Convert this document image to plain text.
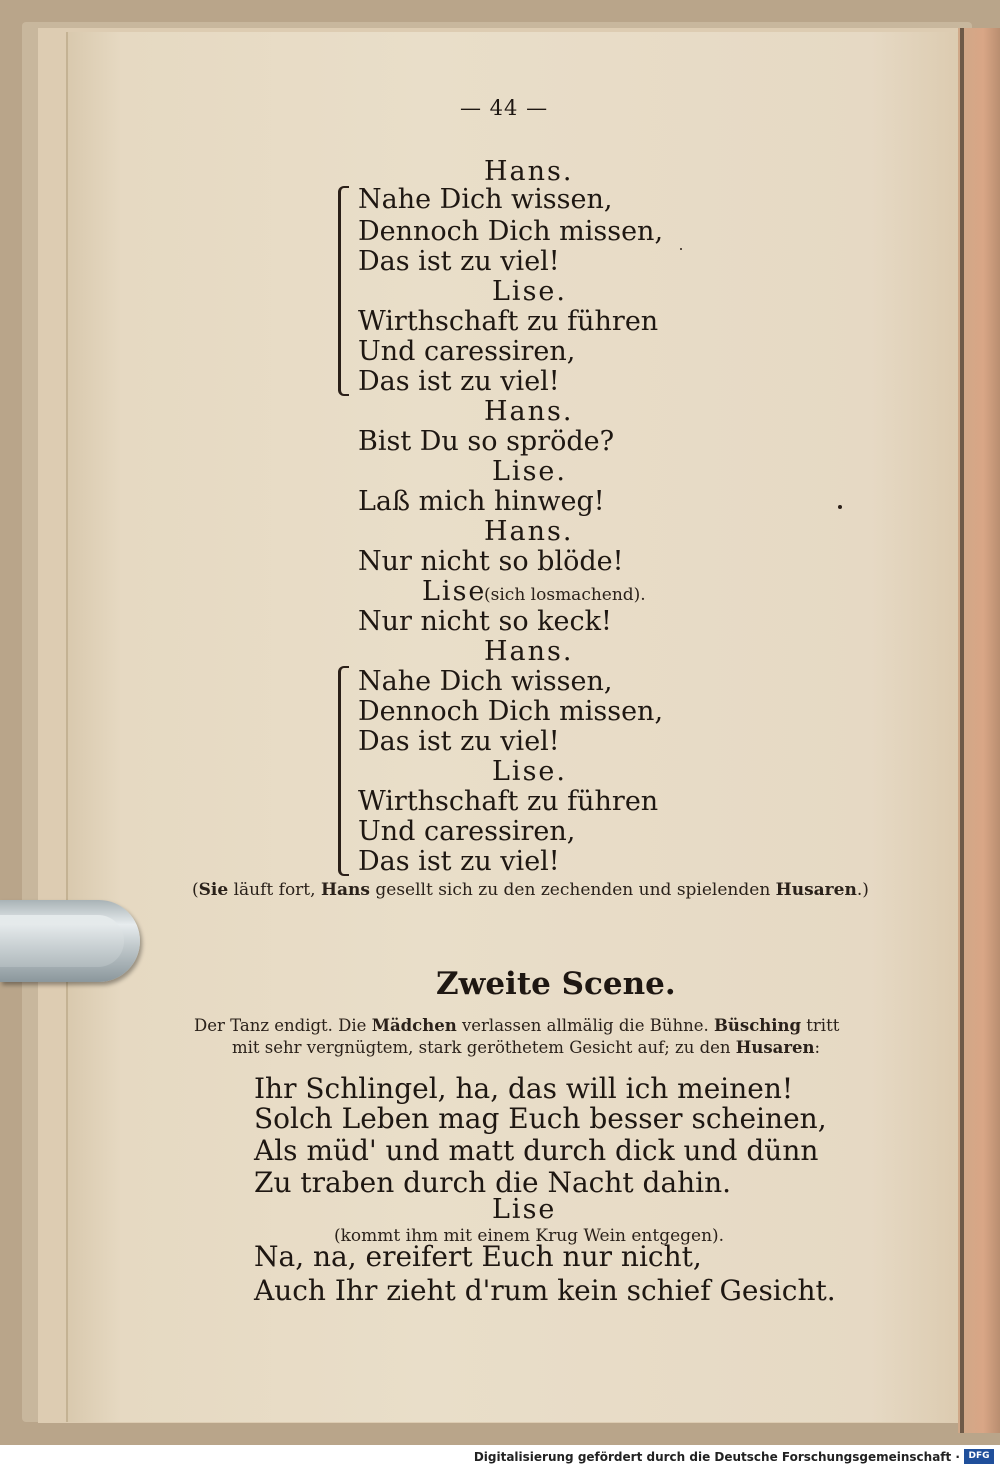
— 44 —
Hans.
Nahe Dich wissen,
Dennoch Dich missen,
Das ist zu viel!
Lise.
Wirthschaft zu führen
Und caressiren,
Das ist zu viel!
Hans.
Bist Du so spröde?
Lise.
Laß mich hinweg!
Hans.
Nur nicht so blöde!
Lise
(sich losmachend).
Nur nicht so keck!
Hans.
Nahe Dich wissen,
Dennoch Dich missen,
Das ist zu viel!
Lise.
Wirthschaft zu führen
Und caressiren,
Das ist zu viel!
(Sie läuft fort, Hans gesellt sich zu den zechenden und spielenden Husaren.)
Zweite Scene.
Der Tanz endigt. Die Mädchen verlassen allmälig die Bühne. Büsching tritt
mit sehr vergnügtem, stark geröthetem Gesicht auf; zu den Husaren:
Ihr Schlingel, ha, das will ich meinen!
Solch Leben mag Euch besser scheinen,
Als müd' und matt durch dick und dünn
Zu traben durch die Nacht dahin.
Lise
(kommt ihm mit einem Krug Wein entgegen).
Na, na, ereifert Euch nur nicht,
Auch Ihr zieht d'rum kein schief Gesicht.
Digitalisierung gefördert durch die Deutsche Forschungsgemeinschaft · DFG
